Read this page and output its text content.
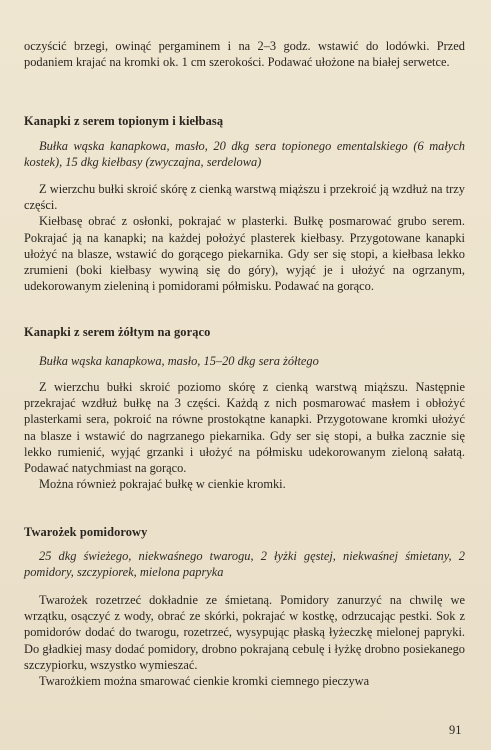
oczyścić brzegi, owinąć pergaminem i na 2–3 godz. wstawić do lodówki. Przed podaniem krajać na kromki ok. 1 cm szerokości. Podawać ułożone na białej serwetce.

Kanapki z serem topionym i kiełbasą

Bułka wąska kanapkowa, masło, 20 dkg sera topionego ementalskiego (6 małych kostek), 15 dkg kiełbasy (zwyczajna, serdelowa)

Z wierzchu bułki skroić skórę z cienką warstwą miąższu i przekroić ją wzdłuż na trzy części.

Kiełbasę obrać z osłonki, pokrajać w plasterki. Bułkę posmarować grubo serem. Pokrajać ją na kanapki; na każdej położyć plasterek kiełbasy. Przygotowane kanapki ułożyć na blasze, wstawić do gorącego piekarnika. Gdy ser się stopi, a kiełbasa lekko zrumieni (boki kiełbasy wywiną się do góry), wyjąć je i ułożyć na ogrzanym, udekorowanym zieleniną i pomidorami półmisku. Podawać na gorąco.

Kanapki z serem żółtym na gorąco

Bułka wąska kanapkowa, masło, 15–20 dkg sera żółtego

Z wierzchu bułki skroić poziomo skórę z cienką warstwą miąższu. Następnie przekrajać wzdłuż bułkę na 3 części. Każdą z nich posmarować masłem i obłożyć plasterkami sera, pokroić na równe prostokątne kanapki. Przygotowane kromki ułożyć na blasze i wstawić do nagrzanego piekarnika. Gdy ser się stopi, a bułka zacznie się lekko rumienić, wyjąć grzanki i ułożyć na półmisku udekorowanym zieloną sałatą. Podawać natychmiast na gorąco.

Można również pokrajać bułkę w cienkie kromki.

Twarożek pomidorowy

25 dkg świeżego, niekwaśnego twarogu, 2 łyżki gęstej, niekwaśnej śmietany, 2 pomidory, szczypiorek, mielona papryka

Twarożek rozetrzeć dokładnie ze śmietaną. Pomidory zanurzyć na chwilę we wrzątku, osączyć z wody, obrać ze skórki, pokrajać w kostkę, odrzucając pestki. Sok z pomidorów dodać do twarogu, rozetrzeć, wysypując płaską łyżeczkę mielonej papryki. Do gładkiej masy dodać pomidory, drobno pokrajaną cebulę i łyżkę drobno posiekanego szczypiorku, wszystko wymieszać.

Twarożkiem można smarować cienkie kromki ciemnego pieczywa

91
